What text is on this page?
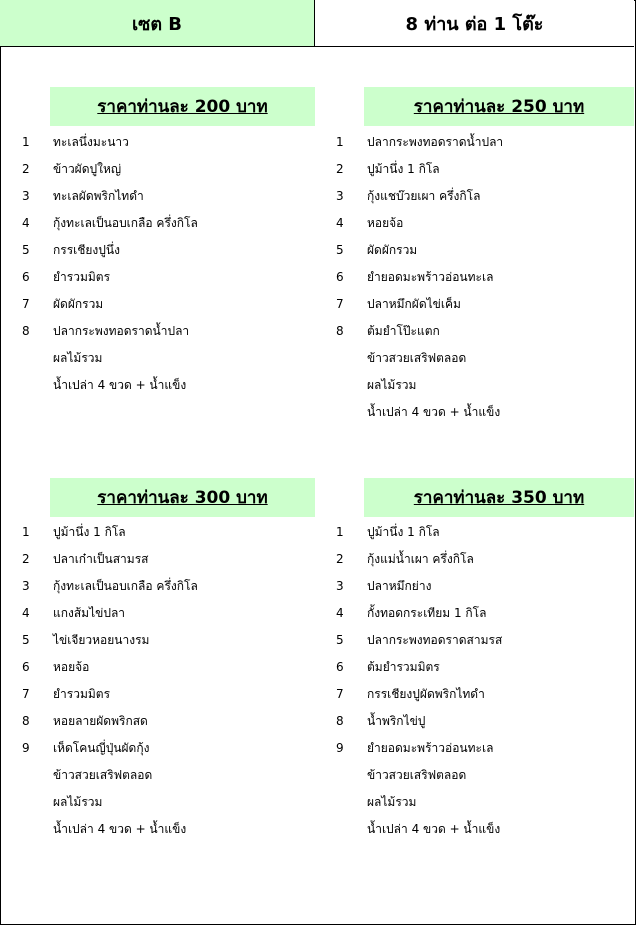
เซต B	8 ท่าน ต่อ 1 โต๊ะ
ราคาท่านละ 200 บาท
1	ทะเลนึ่งมะนาว
2	ข้าวผัดปูใหญ่
3	ทะเลผัดพริกไทดำ
4	กุ้งทะเลเป็นอบเกลือ ครึ่งกิโล
5	กรรเชียงปูนึ่ง
6	ยำรวมมิตร
7	ผัดผักรวม
8	ปลากระพงทอดราดน้ำปลา
ผลไม้รวม
น้ำเปล่า 4 ขวด + น้ำแข็ง
ราคาท่านละ 250 บาท
1	ปลากระพงทอดราดน้ำปลา
2	ปูม้านึ่ง 1 กิโล
3	กุ้งแชบ๊วยเผา ครึ่งกิโล
4	หอยจ้อ
5	ผัดผักรวม
6	ยำยอดมะพร้าวอ่อนทะเล
7	ปลาหมึกผัดไข่เค็ม
8	ต้มยำโป๊ะแตก
ข้าวสวยเสริฟตลอด
ผลไม้รวม
น้ำเปล่า 4 ขวด + น้ำแข็ง
ราคาท่านละ 300 บาท
1	ปูม้านึ่ง 1 กิโล
2	ปลาเก๋าเป็นสามรส
3	กุ้งทะเลเป็นอบเกลือ ครึ่งกิโล
4	แกงส้มไข่ปลา
5	ไข่เจียวหอยนางรม
6	หอยจ้อ
7	ยำรวมมิตร
8	หอยลายผัดพริกสด
9	เห็ดโคนญี่ปุ่นผัดกุ้ง
ข้าวสวยเสริฟตลอด
ผลไม้รวม
น้ำเปล่า 4 ขวด + น้ำแข็ง
ราคาท่านละ 350 บาท
1	ปูม้านึ่ง 1 กิโล
2	กุ้งแม่น้ำเผา ครึ่งกิโล
3	ปลาหมึกย่าง
4	กั้งทอดกระเทียม 1 กิโล
5	ปลากระพงทอดราดสามรส
6	ต้มยำรวมมิตร
7	กรรเชียงปูผัดพริกไทดำ
8	น้ำพริกไข่ปู
9	ยำยอดมะพร้าวอ่อนทะเล
ข้าวสวยเสริฟตลอด
ผลไม้รวม
น้ำเปล่า 4 ขวด + น้ำแข็ง
